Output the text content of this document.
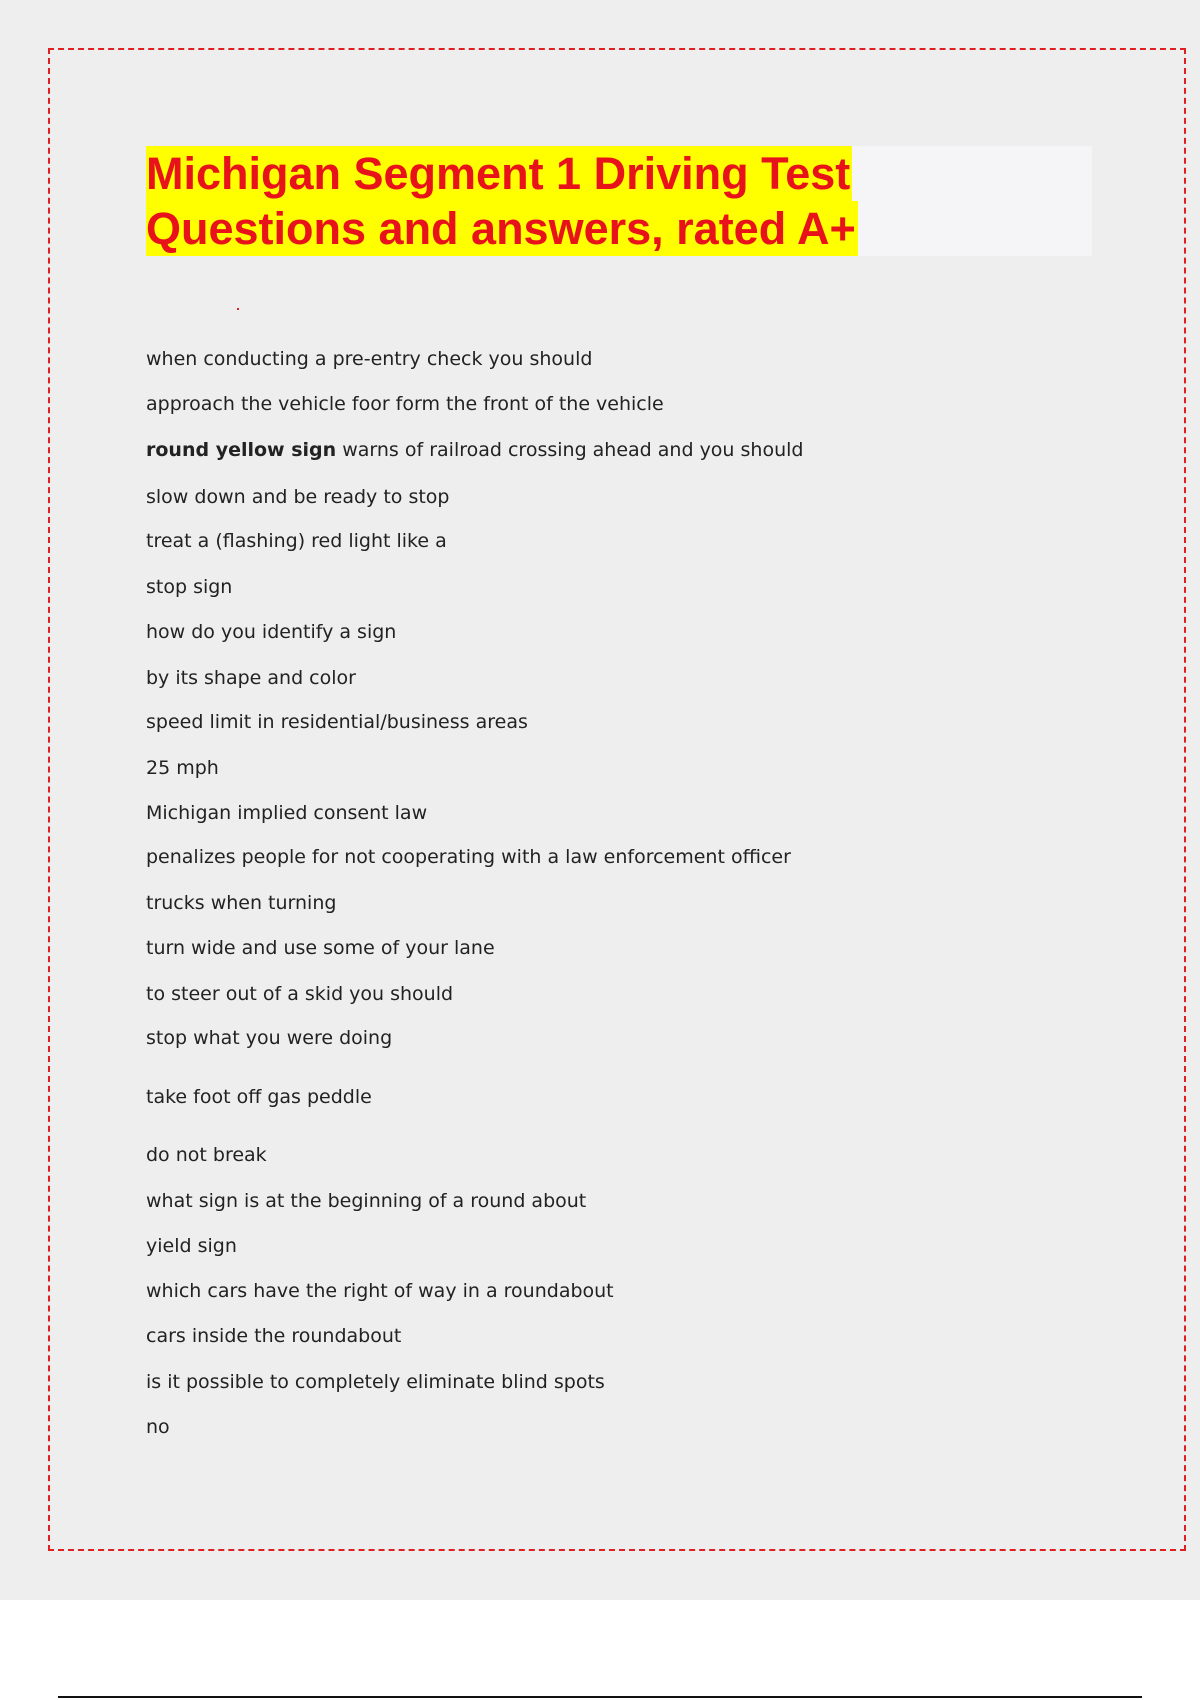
Michigan Segment 1 Driving Test
Questions and answers, rated A+
when conducting a pre-entry check you should
approach the vehicle foor form the front of the vehicle
round yellow sign warns of railroad crossing ahead and you should
slow down and be ready to stop
treat a (flashing) red light like a
stop sign
how do you identify a sign
by its shape and color
speed limit in residential/business areas
25 mph
Michigan implied consent law
penalizes people for not cooperating with a law enforcement officer
trucks when turning
turn wide and use some of your lane
to steer out of a skid you should
stop what you were doing
take foot off gas peddle
do not break
what sign is at the beginning of a round about
yield sign
which cars have the right of way in a roundabout
cars inside the roundabout
is it possible to completely eliminate blind spots
no
